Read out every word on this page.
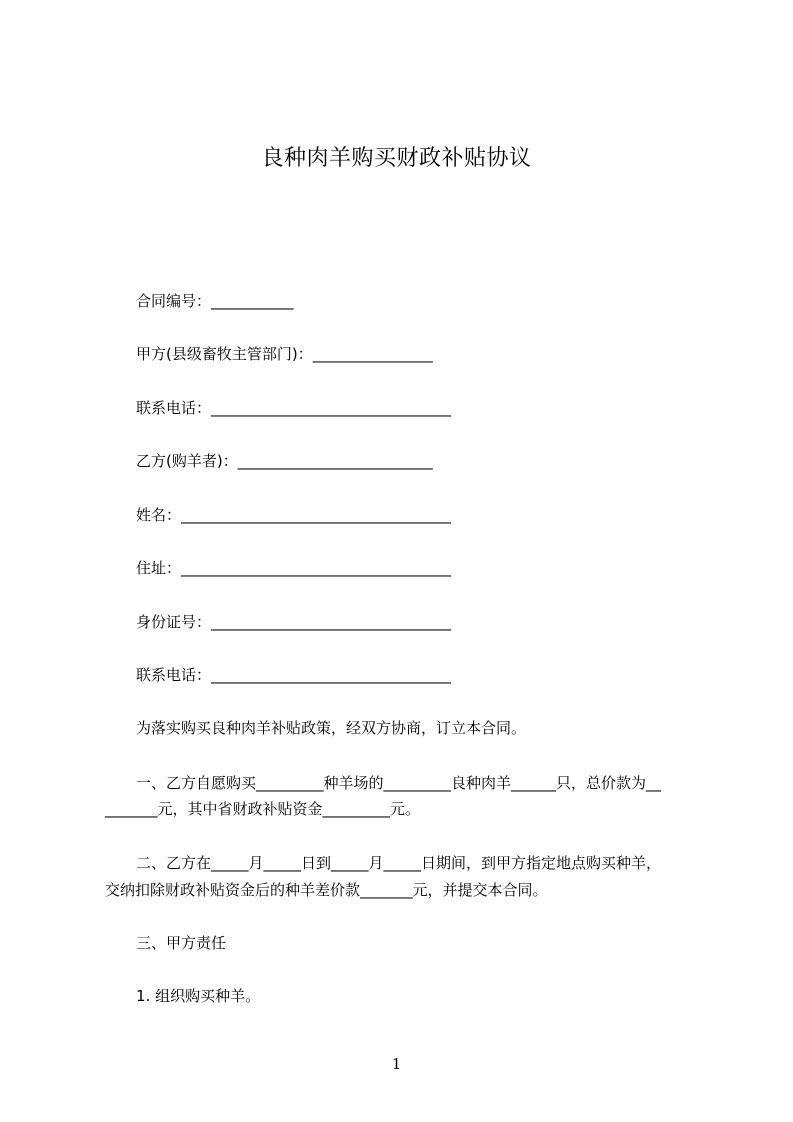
良种肉羊购买财政补贴协议
合同编号：___________
甲方(县级畜牧主管部门)：________________
联系电话：________________________________
乙方(购羊者)：__________________________
姓名：____________________________________
住址：____________________________________
身份证号：________________________________
联系电话：________________________________
为落实购买良种肉羊补贴政策，经双方协商，订立本合同。
一、乙方自愿购买_________种羊场的_________良种肉羊______只，总价款为__
_______元，其中省财政补贴资金_________元。
二、乙方在_____月_____日到_____月_____日期间，到甲方指定地点购买种羊，
交纳扣除财政补贴资金后的种羊差价款_______元，并提交本合同。
三、甲方责任
1. 组织购买种羊。
1
